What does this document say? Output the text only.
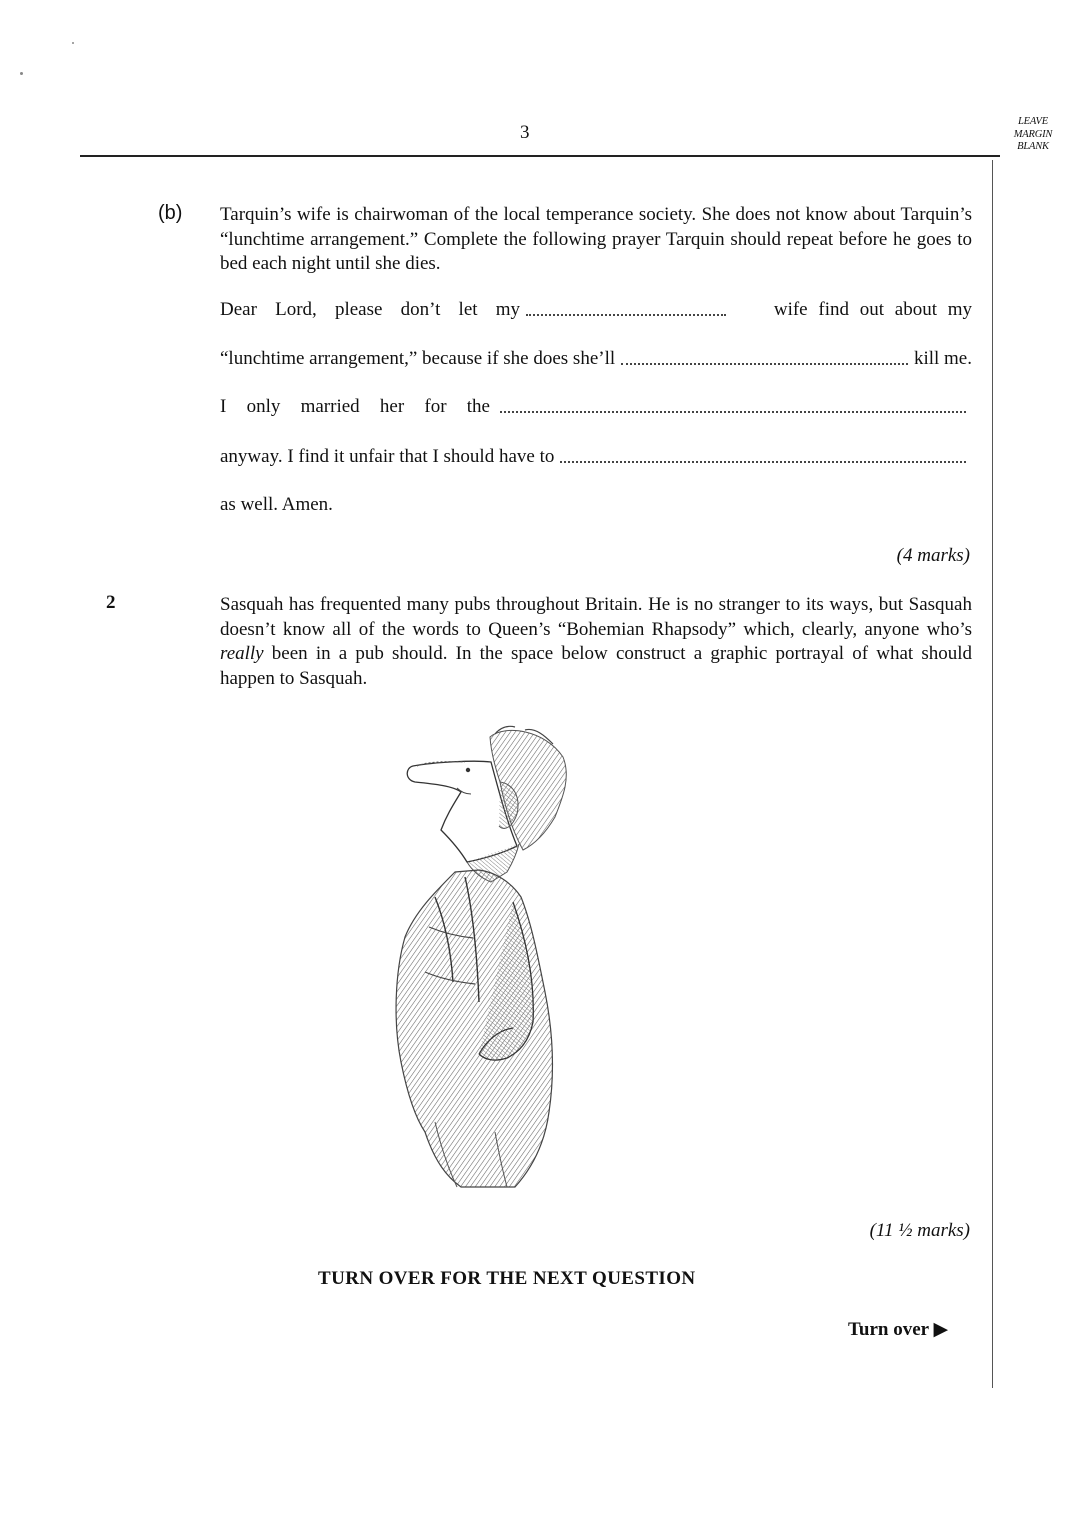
3
LEAVE
MARGIN
BLANK
(b) Tarquin’s wife is chairwoman of the local temperance society. She does not know about Tarquin’s “lunchtime arrangement.” Complete the following prayer Tarquin should repeat before he goes to bed each night until she dies.
Dear Lord, please don’t let my	wife find out about my
“lunchtime arrangement,” because if she does she’ll	kill me.
I only married her for the
anyway. I find it unfair that I should have to
as well. Amen.
(4 marks)
2	Sasquah has frequented many pubs throughout Britain. He is no stranger to its ways, but Sasquah doesn’t know all of the words to Queen’s “Bohemian Rhapsody” which, clearly, anyone who’s really been in a pub should. In the space below construct a graphic portrayal of what should happen to Sasquah.
(11 ½ marks)
TURN OVER FOR THE NEXT QUESTION
Turn over ▶
